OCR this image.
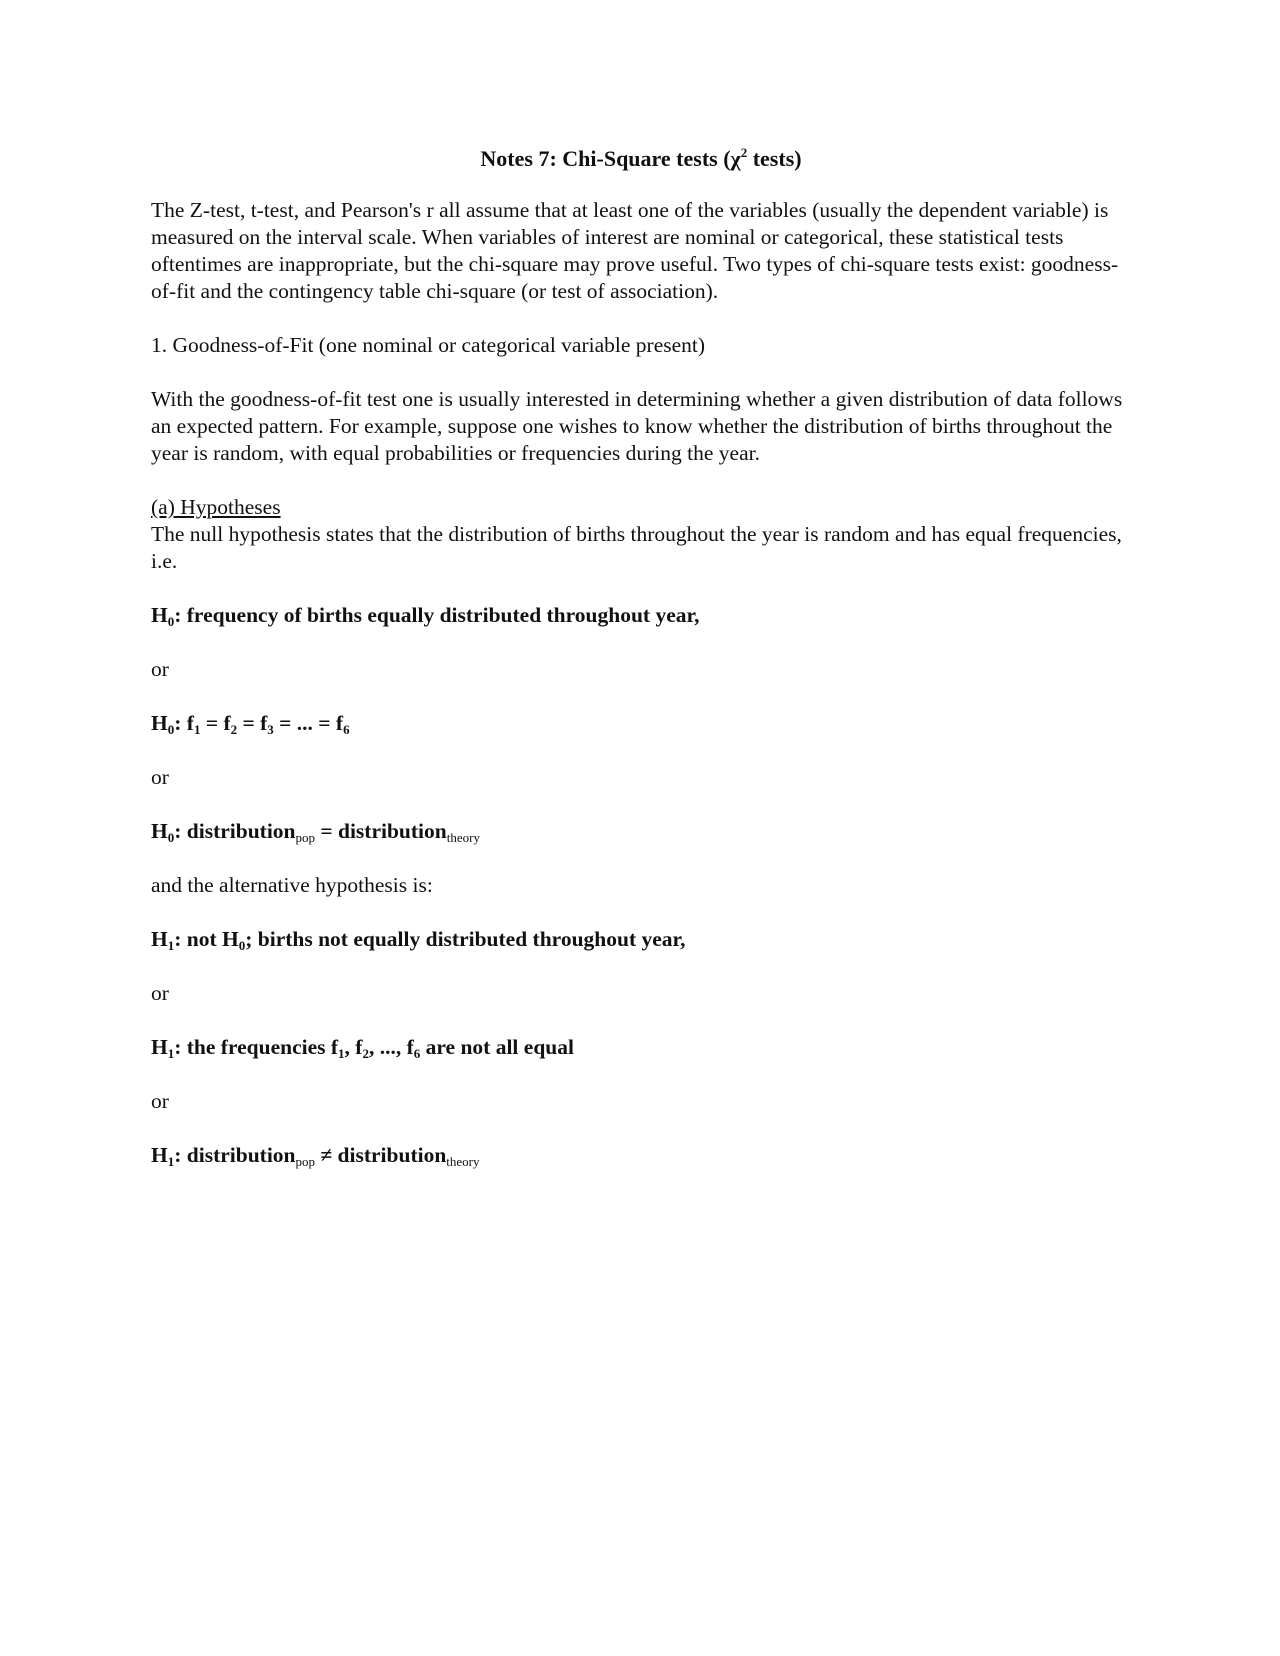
Notes 7: Chi-Square tests ($\chi^2$ tests)

The Z-test, t-test, and Pearson's r all assume that at least one of the variables (usually the dependent variable) is measured on the interval scale. When variables of interest are nominal or categorical, these statistical tests oftentimes are inappropriate, but the chi-square may prove useful. Two types of chi-square tests exist: goodness-of-fit and the contingency table chi-square (or test of association).

1. Goodness-of-Fit (one nominal or categorical variable present)

With the goodness-of-fit test one is usually interested in determining whether a given distribution of data follows an expected pattern. For example, suppose one wishes to know whether the distribution of births throughout the year is random, with equal probabilities or frequencies during the year.

(a) Hypotheses

The null hypothesis states that the distribution of births throughout the year is random and has equal frequencies, i.e.

$H_0$: frequency of births equally distributed throughout year,

or

$H_0$: $f_1 = f_2 = f_3$ = ... = $f_6$

or

$H_0$: distribution$_{pop}$ = distribution$_{theory}$

and the alternative hypothesis is:

$H_1$: not $H_0$; births not equally distributed throughout year,

or

$H_1$: the frequencies $f_1$, $f_2$, ..., $f_6$ are not all equal

or

$H_1$: distribution$_{pop}$ ≠ distribution$_{theory}$
